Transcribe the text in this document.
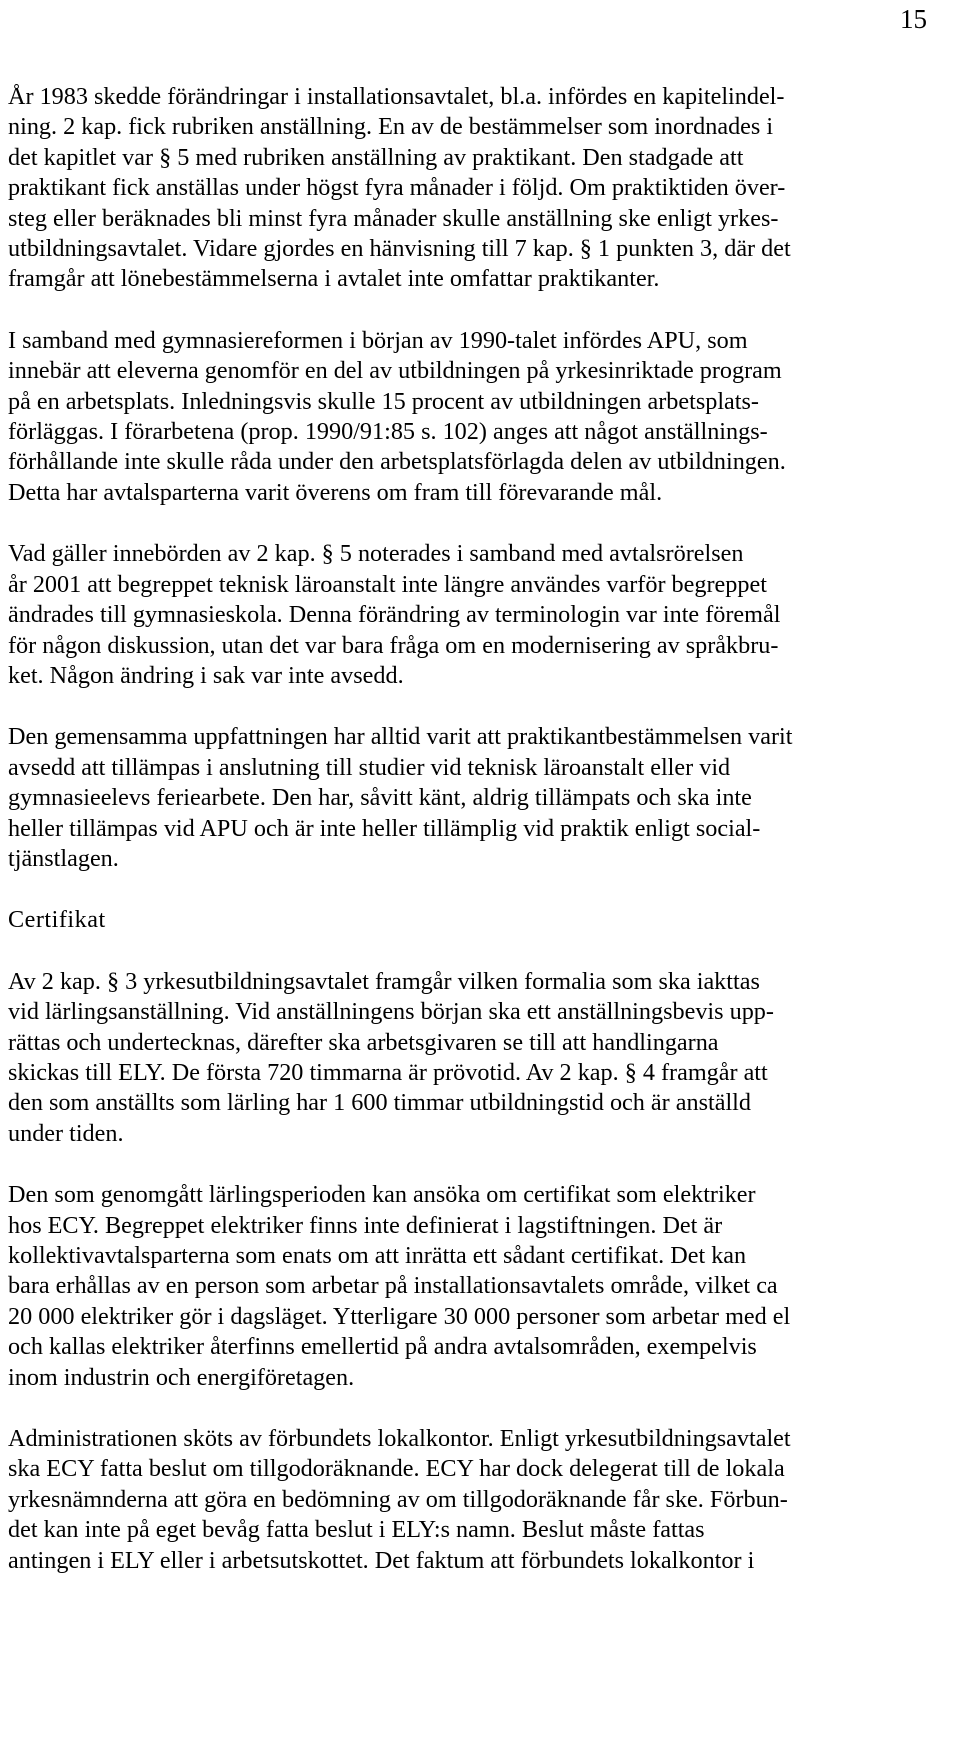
15
År 1983 skedde förändringar i installationsavtalet, bl.a. infördes en kapitelindel-
ning. 2 kap. fick rubriken anställning. En av de bestämmelser som inordnades i
det kapitlet var § 5 med rubriken anställning av praktikant. Den stadgade att
praktikant fick anställas under högst fyra månader i följd. Om praktiktiden över-
steg eller beräknades bli minst fyra månader skulle anställning ske enligt yrkes-
utbildningsavtalet. Vidare gjordes en hänvisning till 7 kap. § 1 punkten 3, där det
framgår att lönebestämmelserna i avtalet inte omfattar praktikanter.
I samband med gymnasiereformen i början av 1990-talet infördes APU, som
innebär att eleverna genomför en del av utbildningen på yrkesinriktade program
på en arbetsplats. Inledningsvis skulle 15 procent av utbildningen arbetsplats-
förläggas. I förarbetena (prop. 1990/91:85 s. 102) anges att något anställnings-
förhållande inte skulle råda under den arbetsplatsförlagda delen av utbildningen.
Detta har avtalsparterna varit överens om fram till förevarande mål.
Vad gäller innebörden av 2 kap. § 5 noterades i samband med avtalsrörelsen
år 2001 att begreppet teknisk läroanstalt inte längre användes varför begreppet
ändrades till gymnasieskola. Denna förändring av terminologin var inte föremål
för någon diskussion, utan det var bara fråga om en modernisering av språkbru-
ket. Någon ändring i sak var inte avsedd.
Den gemensamma uppfattningen har alltid varit att praktikantbestämmelsen varit
avsedd att tillämpas i anslutning till studier vid teknisk läroanstalt eller vid
gymnasieelevs feriearbete. Den har, såvitt känt, aldrig tillämpats och ska inte
heller tillämpas vid APU och är inte heller tillämplig vid praktik enligt social-
tjänstlagen.
Certifikat
Av 2 kap. § 3 yrkesutbildningsavtalet framgår vilken formalia som ska iakttas
vid lärlingsanställning. Vid anställningens början ska ett anställningsbevis upp-
rättas och undertecknas, därefter ska arbetsgivaren se till att handlingarna
skickas till ELY. De första 720 timmarna är prövotid. Av 2 kap. § 4 framgår att
den som anställts som lärling har 1 600 timmar utbildningstid och är anställd
under tiden.
Den som genomgått lärlingsperioden kan ansöka om certifikat som elektriker
hos ECY. Begreppet elektriker finns inte definierat i lagstiftningen. Det är
kollektivavtalsparterna som enats om att inrätta ett sådant certifikat. Det kan
bara erhållas av en person som arbetar på installationsavtalets område, vilket ca
20 000 elektriker gör i dagsläget. Ytterligare 30 000 personer som arbetar med el
och kallas elektriker återfinns emellertid på andra avtalsområden, exempelvis
inom industrin och energiföretagen.
Administrationen sköts av förbundets lokalkontor. Enligt yrkesutbildningsavtalet
ska ECY fatta beslut om tillgodoräknande. ECY har dock delegerat till de lokala
yrkesnämnderna att göra en bedömning av om tillgodoräknande får ske. Förbun-
det kan inte på eget bevåg fatta beslut i ELY:s namn. Beslut måste fattas
antingen i ELY eller i arbetsutskottet. Det faktum att förbundets lokalkontor i
